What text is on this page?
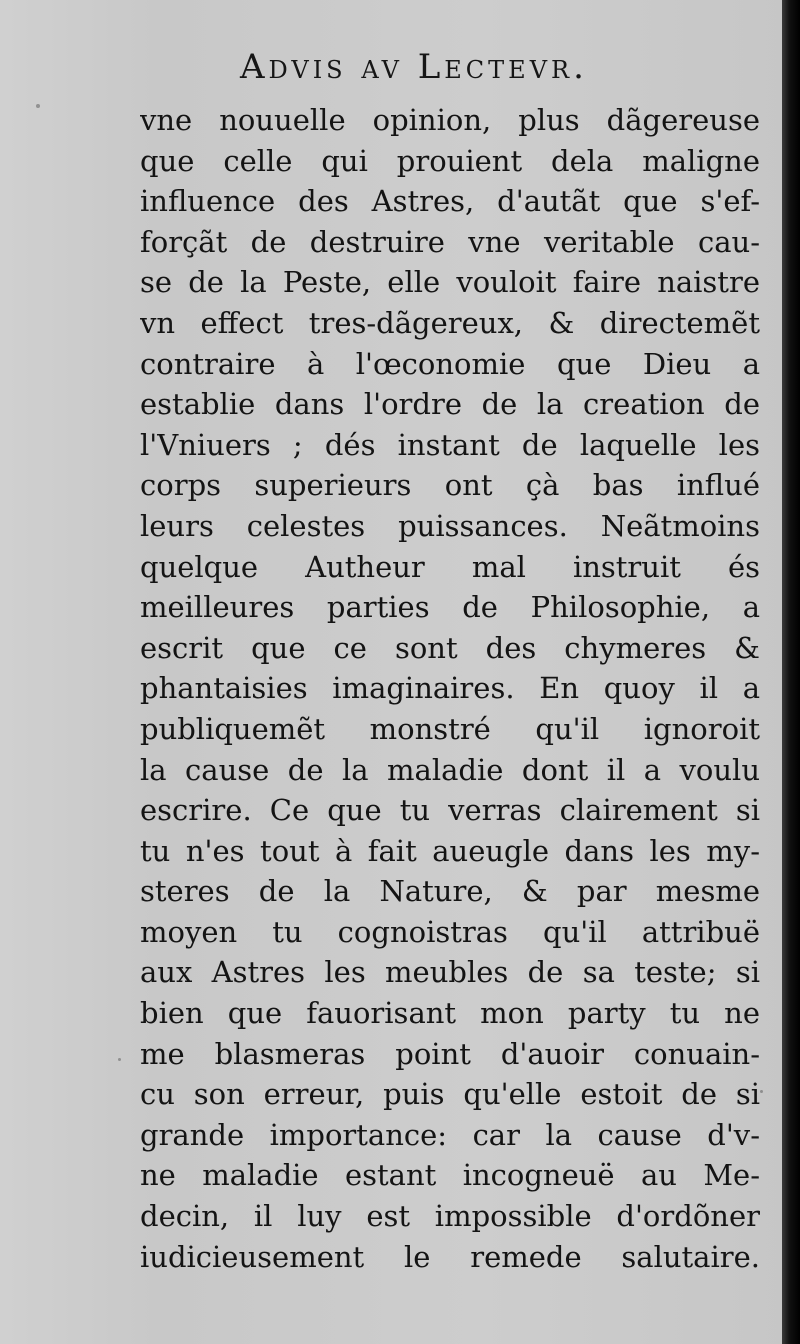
Advis av Lectevr.
vne nouuelle opinion, plus dãgereuse
que celle qui prouient dela maligne
influence des Astres, d'autãt que s'ef-
forçãt de destruire vne veritable cau-
se de la Peste, elle vouloit faire naistre
vn effect tres-dãgereux, & directemẽt
contraire à l'œconomie que Dieu a
establie dans l'ordre de la creation de
l'Vniuers ; dés instant de laquelle les
corps superieurs ont çà bas influé
leurs celestes puissances. Neãtmoins
quelque Autheur mal instruit és
meilleures parties de Philosophie, a
escrit que ce sont des chymeres &
phantaisies imaginaires. En quoy il a
publiquemẽt monstré qu'il ignoroit
la cause de la maladie dont il a voulu
escrire. Ce que tu verras clairement si
tu n'es tout à fait aueugle dans les my-
steres de la Nature, & par mesme
moyen tu cognoistras qu'il attribuë
aux Astres les meubles de sa teste; si
bien que fauorisant mon party tu ne
me blasmeras point d'auoir conuain-
cu son erreur, puis qu'elle estoit de si
grande importance: car la cause d'v-
ne maladie estant incogneuë au Me-
decin, il luy est impossible d'ordõner
iudicieusement le remede salutaire.
